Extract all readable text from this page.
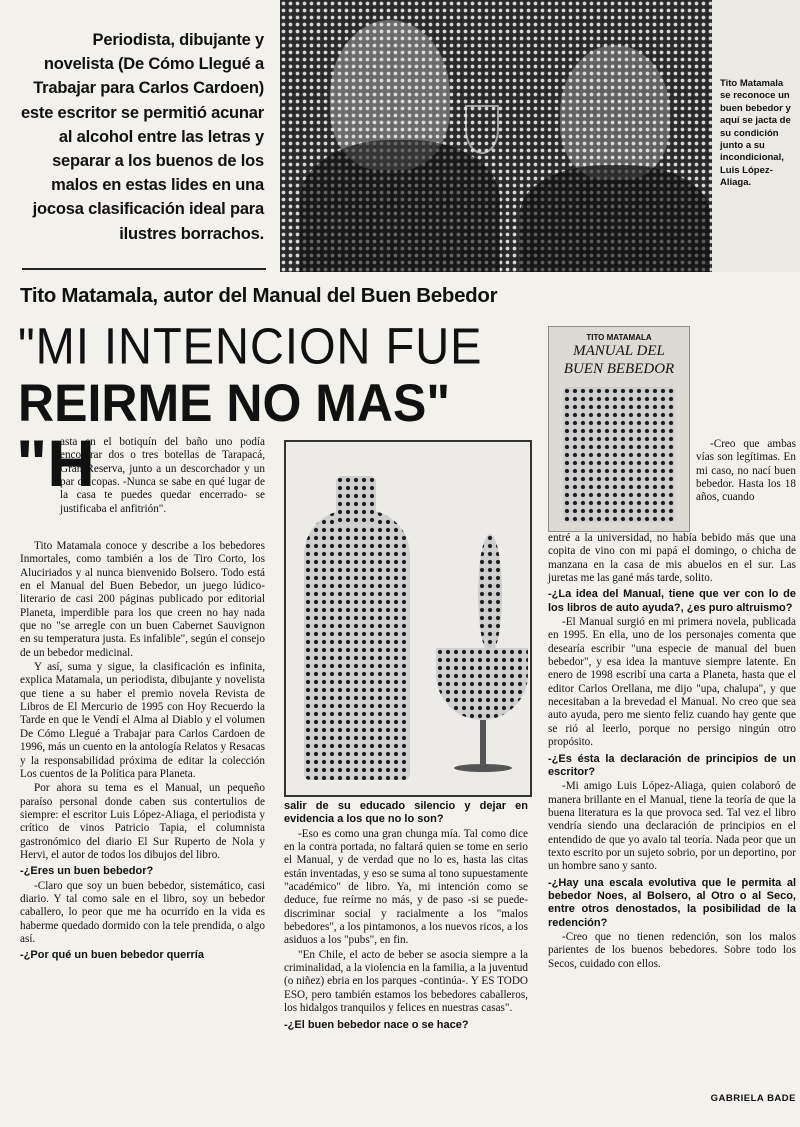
Periodista, dibujante y novelista (De Cómo Llegué a Trabajar para Carlos Cardoen) este escritor se permitió acunar al alcohol entre las letras y separar a los buenos de los malos en estas lides en una jocosa clasificación ideal para ilustres borrachos.
Tito Matamala se reconoce un buen bebedor y aquí se jacta de su condición junto a su incondicional, Luis López-Aliaga.
Tito Matamala, autor del Manual del Buen Bebedor
"MI INTENCION FUE
REIRME NO MAS"
TITO MATAMALA
MANUAL DEL
BUEN BEBEDOR
"H

asta en el botiquín del baño uno podía encontrar dos o tres botellas de Tarapacá, Gran Reserva, junto a un descorchador y un par de copas. -Nunca se sabe en qué lugar de la casa te puedes quedar encerrado- se justificaba el anfitrión".

Tito Matamala conoce y describe a los bebedores Inmortales, como también a los de Tiro Corto, los Aluciriados y al nunca bienvenido Bolsero. Todo está en el Manual del Buen Bebedor, un juego lúdico-literario de casi 200 páginas publicado por editorial Planeta, imperdible para los que creen no hay nada que no "se arregle con un buen Cabernet Sauvignon en su temperatura justa. Es infalible", según el consejo de un bebedor medicinal.

Y así, suma y sigue, la clasificación es infinita, explica Matamala, un periodista, dibujante y novelista que tiene a su haber el premio novela Revista de Libros de El Mercurio de 1995 con Hoy Recuerdo la Tarde en que le Vendí el Alma al Diablo y el volumen De Cómo Llegué a Trabajar para Carlos Cardoen de 1996, más un cuento en la antología Relatos y Resacas y la responsabilidad próxima de editar la colección Los cuentos de la Política para Planeta.

Por ahora su tema es el Manual, un pequeño paraíso personal donde caben sus contertulios de siempre: el escritor Luis López-Aliaga, el periodista y crítico de vinos Patricio Tapia, el columnista gastronómico del diario El Sur Ruperto de Nola y Hervi, el autor de todos los dibujos del libro.

-¿Eres un buen bebedor?

-Claro que soy un buen bebedor, sistemático, casi diario. Y tal como sale en el libro, soy un bebedor caballero, lo peor que me ha ocurrido en la vida es haberme quedado dormido con la tele prendida, o algo así.

-¿Por qué un buen bebedor querría

salir de su educado silencio y dejar en evidencia a los que no lo son?

-Eso es como una gran chunga mía. Tal como dice en la contra portada, no faltará quien se tome en serio el Manual, y de verdad que no lo es, hasta las citas están inventadas, y eso se suma al tono supuestamente "académico" de libro. Ya, mi intención como se deduce, fue reírme no más, y de paso -si se puede- discriminar social y racialmente a los "malos bebedores", a los pintamonos, a los nuevos ricos, a los asiduos a los "pubs", en fin.

"En Chile, el acto de beber se asocia siempre a la criminalidad, a la violencia en la familia, a la juventud (o niñez) ebria en los parques -continúa-. Y ES TODO ESO, pero también estamos los bebedores caballeros, los hidalgos tranquilos y felices en nuestras casas".

-¿El buen bebedor nace o se hace?

-Creo que ambas vías son legítimas. En mi caso, no nací buen bebedor. Hasta los 18 años, cuando

entré a la universidad, no había bebido más que una copita de vino con mi papá el domingo, o chicha de manzana en la casa de mis abuelos en el sur. Las juretas me las gané más tarde, solito.

-¿La idea del Manual, tiene que ver con lo de los libros de auto ayuda?, ¿es puro altruismo?

-El Manual surgió en mi primera novela, publicada en 1995. En ella, uno de los personajes comenta que desearía escribir "una especie de manual del buen bebedor", y esa idea la mantuve siempre latente. En enero de 1998 escribí una carta a Planeta, hasta que el editor Carlos Orellana, me dijo "upa, chalupa", y que necesitaban a la brevedad el Manual. No creo que sea auto ayuda, pero me siento feliz cuando hay gente que se rió al leerlo, porque no persigo ningún otro propósito.

-¿Es ésta la declaración de principios de un escritor?

-Mi amigo Luis López-Aliaga, quien colaboró de manera brillante en el Manual, tiene la teoría de que la buena literatura es la que provoca sed. Tal vez el libro vendría siendo una declaración de principios en el entendido de que yo avalo tal teoría. Nada peor que un texto escrito por un sujeto sobrio, por un deportino, por un hombre sano y santo.

-¿Hay una escala evolutiva que le permita al bebedor Noes, al Bolsero, al Otro o al Seco, entre otros denostados, la posibilidad de la redención?

-Creo que no tienen redención, son los malos parientes de los buenos bebedores. Sobre todo los Secos, cuidado con ellos.

GABRIELA BADE
